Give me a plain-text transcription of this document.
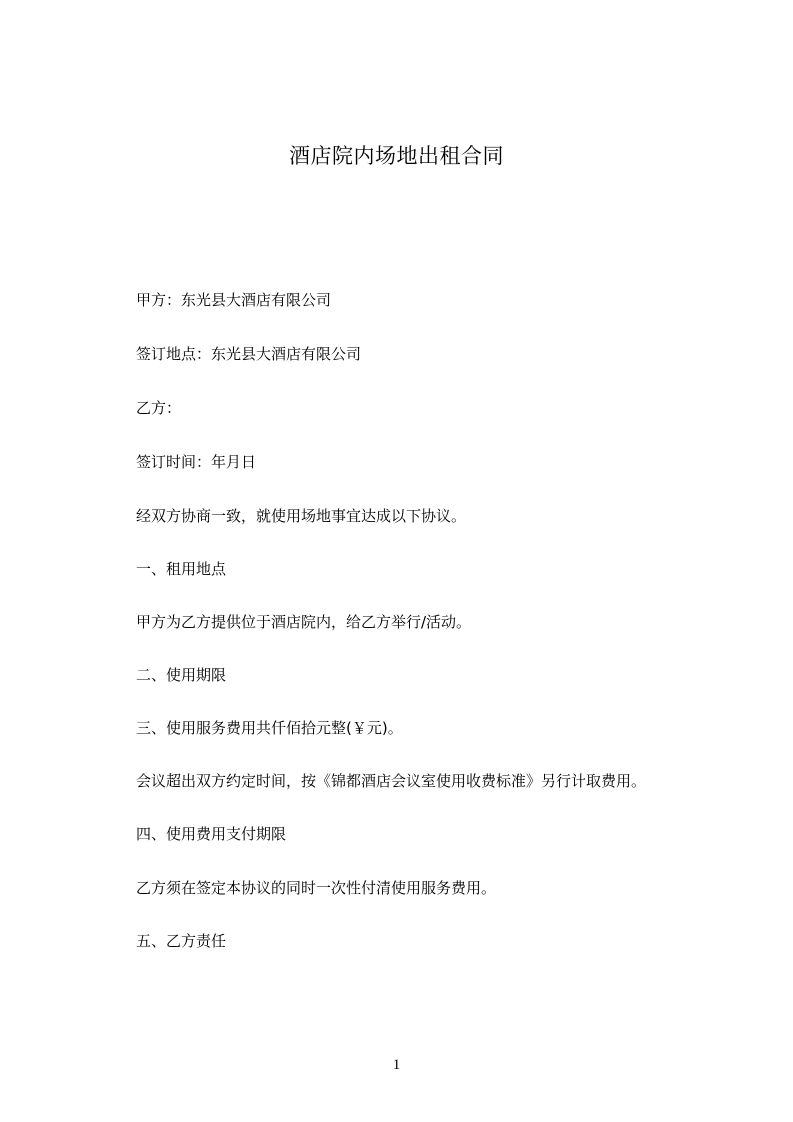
酒店院内场地出租合同

甲方：东光县大酒店有限公司

签订地点：东光县大酒店有限公司

乙方：

签订时间：年月日

经双方协商一致，就使用场地事宜达成以下协议。

一、租用地点

甲方为乙方提供位于酒店院内，给乙方举行/活动。

二、使用期限

三、使用服务费用共仟佰拾元整(￥元)。

会议超出双方约定时间，按《锦都酒店会议室使用收费标准》另行计取费用。

四、使用费用支付期限

乙方须在签定本协议的同时一次性付清使用服务费用。

五、乙方责任

1
